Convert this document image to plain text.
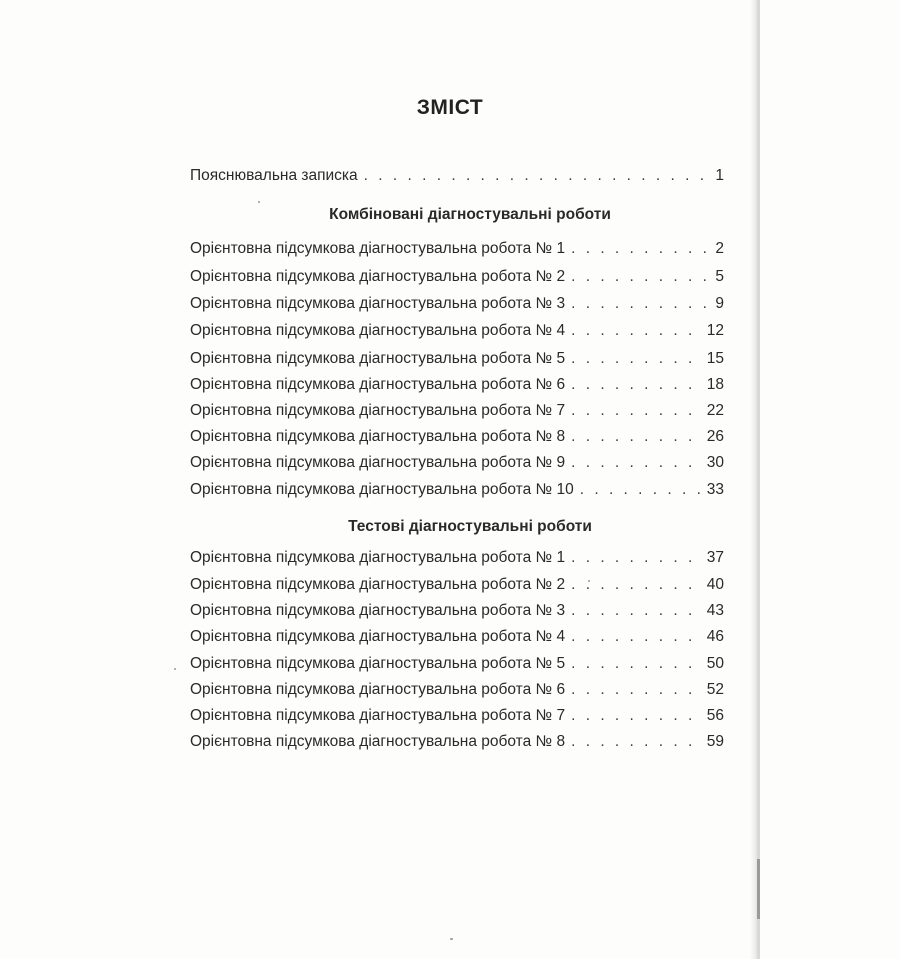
ЗМІСТ
Пояснювальна записка . . .	1
Комбіновані діагностувальні роботи
Орієнтовна підсумкова діагностувальна робота № 1 . . .	2
Орієнтовна підсумкова діагностувальна робота № 2 . . .	5
Орієнтовна підсумкова діагностувальна робота № 3 . . .	9
Орієнтовна підсумкова діагностувальна робота № 4 . . .	12
Орієнтовна підсумкова діагностувальна робота № 5 . . .	15
Орієнтовна підсумкова діагностувальна робота № 6 . . .	18
Орієнтовна підсумкова діагностувальна робота № 7 . . .	22
Орієнтовна підсумкова діагностувальна робота № 8 . . .	26
Орієнтовна підсумкова діагностувальна робота № 9 . . .	30
Орієнтовна підсумкова діагностувальна робота № 10 . . .	33
Тестові діагностувальні роботи
Орієнтовна підсумкова діагностувальна робота № 1 . . .	37
Орієнтовна підсумкова діагностувальна робота № 2 . . .	40
Орієнтовна підсумкова діагностувальна робота № 3 . . .	43
Орієнтовна підсумкова діагностувальна робота № 4 . . .	46
Орієнтовна підсумкова діагностувальна робота № 5 . . .	50
Орієнтовна підсумкова діагностувальна робота № 6 . . .	52
Орієнтовна підсумкова діагностувальна робота № 7 . . .	56
Орієнтовна підсумкова діагностувальна робота № 8 . . .	59
